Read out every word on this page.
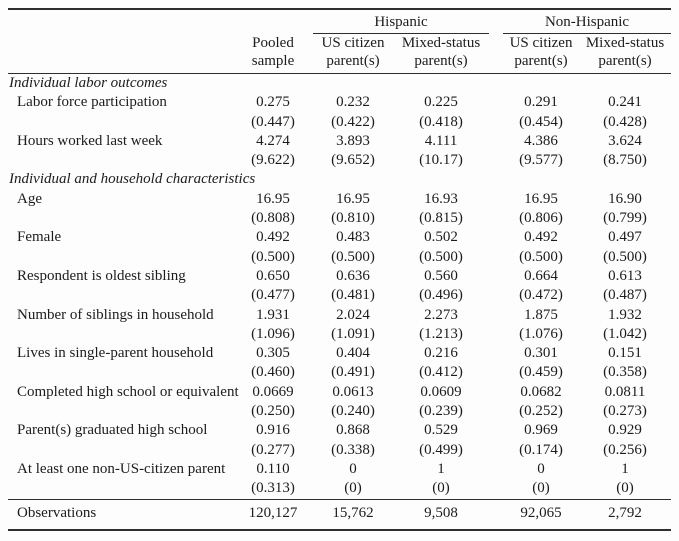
		Hispanic			Non-Hispanic	
	Pooled sample	US citizen parent(s)	Mixed-status parent(s)		US citizen parent(s)	Mixed-status parent(s)
Individual labor outcomes						
Labor force participation	0.275	0.232	0.225		0.291	0.241
	(0.447)	(0.422)	(0.418)		(0.454)	(0.428)
Hours worked last week	4.274	3.893	4.111		4.386	3.624
	(9.622)	(9.652)	(10.17)		(9.577)	(8.750)
Individual and household characteristics						
Age	16.95	16.95	16.93		16.95	16.90
	(0.808)	(0.810)	(0.815)		(0.806)	(0.799)
Female	0.492	0.483	0.502		0.492	0.497
	(0.500)	(0.500)	(0.500)		(0.500)	(0.500)
Respondent is oldest sibling	0.650	0.636	0.560		0.664	0.613
	(0.477)	(0.481)	(0.496)		(0.472)	(0.487)
Number of siblings in household	1.931	2.024	2.273		1.875	1.932
	(1.096)	(1.091)	(1.213)		(1.076)	(1.042)
Lives in single-parent household	0.305	0.404	0.216		0.301	0.151
	(0.460)	(0.491)	(0.412)		(0.459)	(0.358)
Completed high school or equivalent	0.0669	0.0613	0.0609		0.0682	0.0811
	(0.250)	(0.240)	(0.239)		(0.252)	(0.273)
Parent(s) graduated high school	0.916	0.868	0.529		0.969	0.929
	(0.277)	(0.338)	(0.499)		(0.174)	(0.256)
At least one non-US-citizen parent	0.110	0	1		0	1
	(0.313)	(0)	(0)		(0)	(0)
Observations	120,127	15,762	9,508		92,065	2,792
